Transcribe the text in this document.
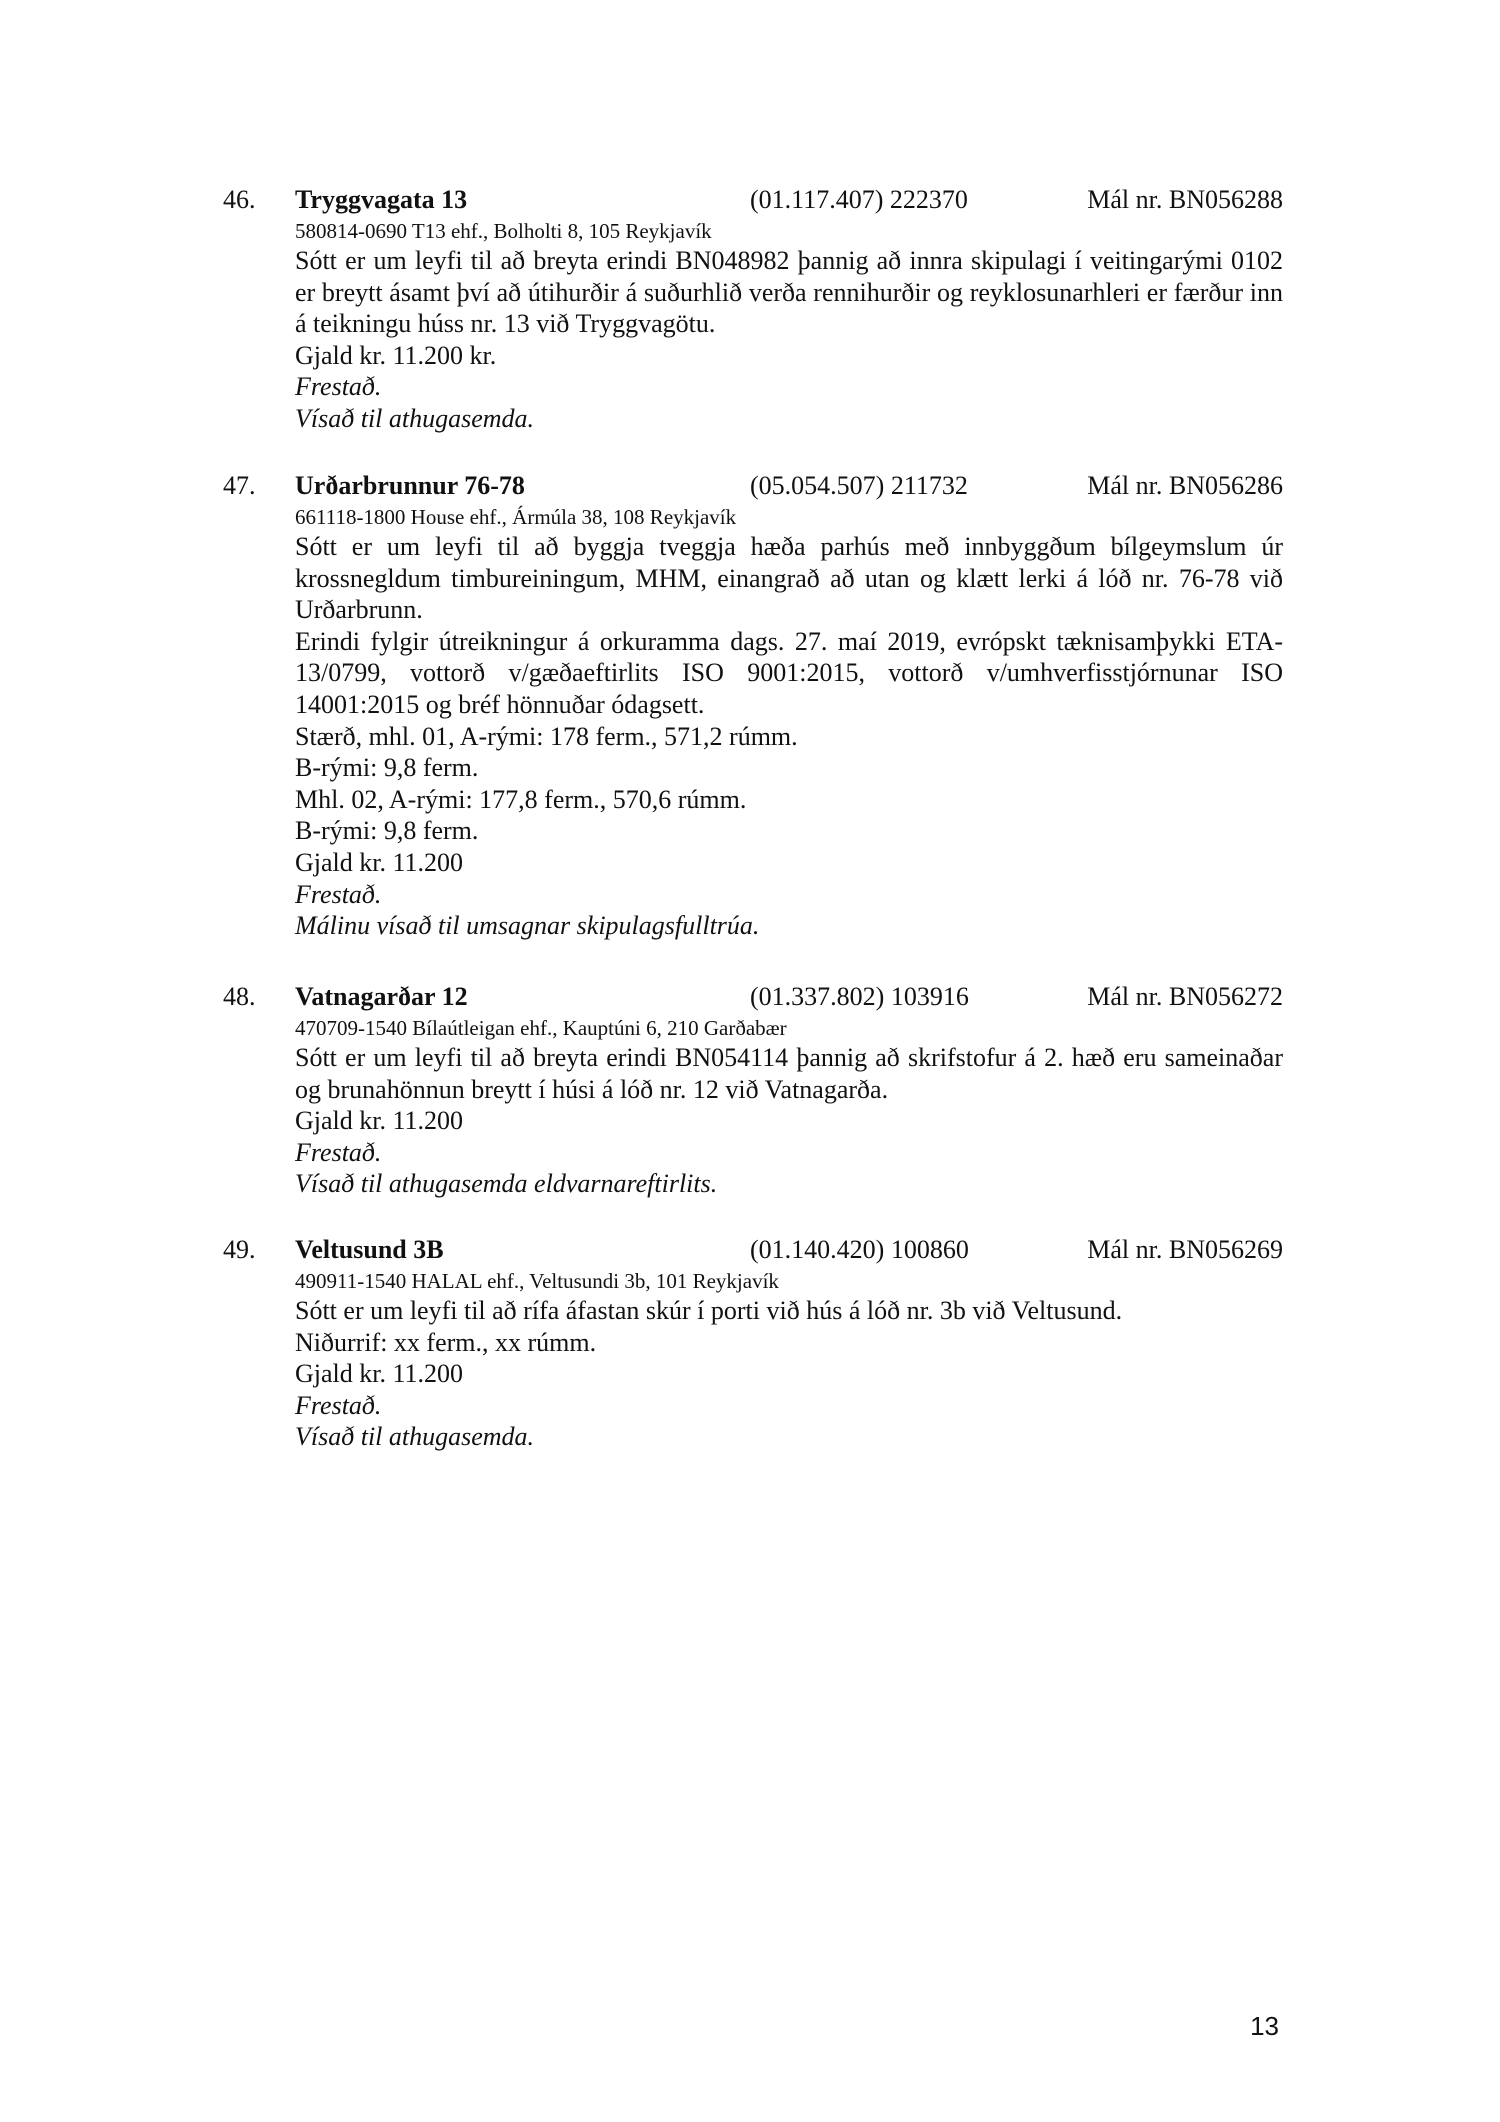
46. Tryggvagata 13	(01.117.407) 222370	Mál nr. BN056288
580814-0690 T13 ehf., Bolholti 8, 105 Reykjavík
Sótt er um leyfi til að breyta erindi BN048982 þannig að innra skipulagi í veitingarými 0102 er breytt ásamt því að útihurðir á suðurhlið verða rennihurðir og reyklosunarhleri er færður inn á teikningu húss nr. 13 við Tryggvagötu.
Gjald kr. 11.200 kr.
Frestað.
Vísað til athugasemda.
47. Urðarbrunnur 76-78	(05.054.507) 211732	Mál nr. BN056286
661118-1800 House ehf., Ármúla 38, 108 Reykjavík
Sótt er um leyfi til að byggja tveggja hæða parhús með innbyggðum bílgeymslum úr krossnegldum timbureiningum, MHM, einangrað að utan og klætt lerki á lóð nr. 76-78 við Urðarbrunn.
Erindi fylgir útreikningur á orkuramma dags. 27. maí 2019, evrópskt tæknisamþykki ETA-13/0799, vottorð v/gæðaeftirlits ISO 9001:2015, vottorð v/umhverfisstjórnunar ISO 14001:2015 og bréf hönnuðar ódagsett.
Stærð, mhl. 01, A-rými: 178 ferm., 571,2 rúmm.
B-rými: 9,8 ferm.
Mhl. 02, A-rými: 177,8 ferm., 570,6 rúmm.
B-rými: 9,8 ferm.
Gjald kr. 11.200
Frestað.
Málinu vísað til umsagnar skipulagsfulltrúa.
48. Vatnagarðar 12	(01.337.802) 103916	Mál nr. BN056272
470709-1540 Bílaútleigan ehf., Kauptúni 6, 210 Garðabær
Sótt er um leyfi til að breyta erindi BN054114 þannig að skrifstofur á 2. hæð eru sameinaðar og brunahönnun breytt í húsi á lóð nr. 12 við Vatnagarða.
Gjald kr. 11.200
Frestað.
Vísað til athugasemda eldvarnareftirlits.
49. Veltusund 3B	(01.140.420) 100860	Mál nr. BN056269
490911-1540 HALAL ehf., Veltusundi 3b, 101 Reykjavík
Sótt er um leyfi til að rífa áfastan skúr í porti við hús á lóð nr. 3b við Veltusund.
Niðurrif: xx ferm., xx rúmm.
Gjald kr. 11.200
Frestað.
Vísað til athugasemda.
13
